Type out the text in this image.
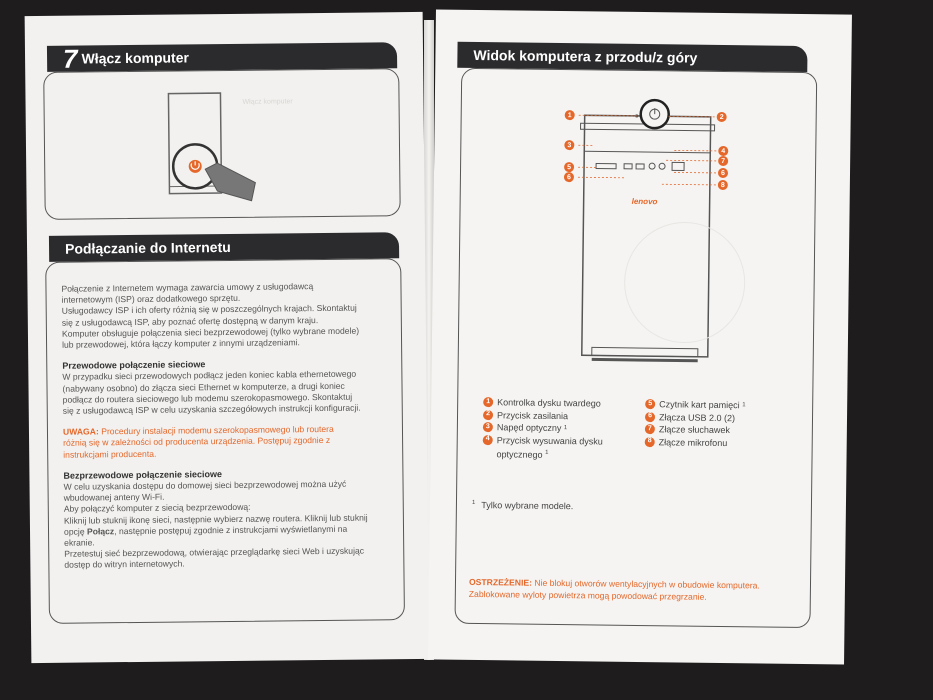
7 Włącz komputer
Włącz komputer
Podłączanie do Internetu

Połączenie z Internetem wymaga zawarcia umowy z usługodawcą

internetowym (ISP) oraz dodatkowego sprzętu.

Usługodawcy ISP i ich oferty różnią się w poszczególnych krajach. Skontaktuj

się z usługodawcą ISP, aby poznać ofertę dostępną w danym kraju.

Komputer obsługuje połączenia sieci bezprzewodowej (tylko wybrane modele)

lub przewodowej, która łączy komputer z innymi urządzeniami.

Przewodowe połączenie sieciowe

W przypadku sieci przewodowych podłącz jeden koniec kabla ethernetowego

(nabywany osobno) do złącza sieci Ethernet w komputerze, a drugi koniec

podłącz do routera sieciowego lub modemu szerokopasmowego. Skontaktuj

się z usługodawcą ISP w celu uzyskania szczegółowych instrukcji konfiguracji.

UWAGA: Procedury instalacji modemu szerokopasmowego lub routera

różnią się w zależności od producenta urządzenia. Postępuj zgodnie z

instrukcjami producenta.

Bezprzewodowe połączenie sieciowe

W celu uzyskania dostępu do domowej sieci bezprzewodowej można użyć

wbudowanej anteny Wi-Fi.

Aby połączyć komputer z siecią bezprzewodową:

Kliknij lub stuknij ikonę sieci, następnie wybierz nazwę routera. Kliknij lub stuknij

opcję Połącz, następnie postępuj zgodnie z instrukcjami wyświetlanymi na

ekranie.

Przetestuj sieć bezprzewodową, otwierając przeglądarkę sieci Web i uzyskując

dostęp do witryn internetowych.

Widok komputera z przodu/z góry
lenovo
1	2
3
4
5
6
7
6
8
1 Kontrolka dysku twardego
2 Przycisk zasilania
3 Napęd optyczny
1
4 Przycisk wysuwania dysku
optycznego $^1$
5 Czytnik kart pamięci
1
6 Złącza USB 2.0 (2)
7 Złącze słuchawek
8 Złącze mikrofonu
$^1$ Tylko wybrane modele.

OSTRZEŻENIE: Nie blokuj otworów wentylacyjnych w obudowie komputera.

Zablokowane wyloty powietrza mogą powodować przegrzanie.
